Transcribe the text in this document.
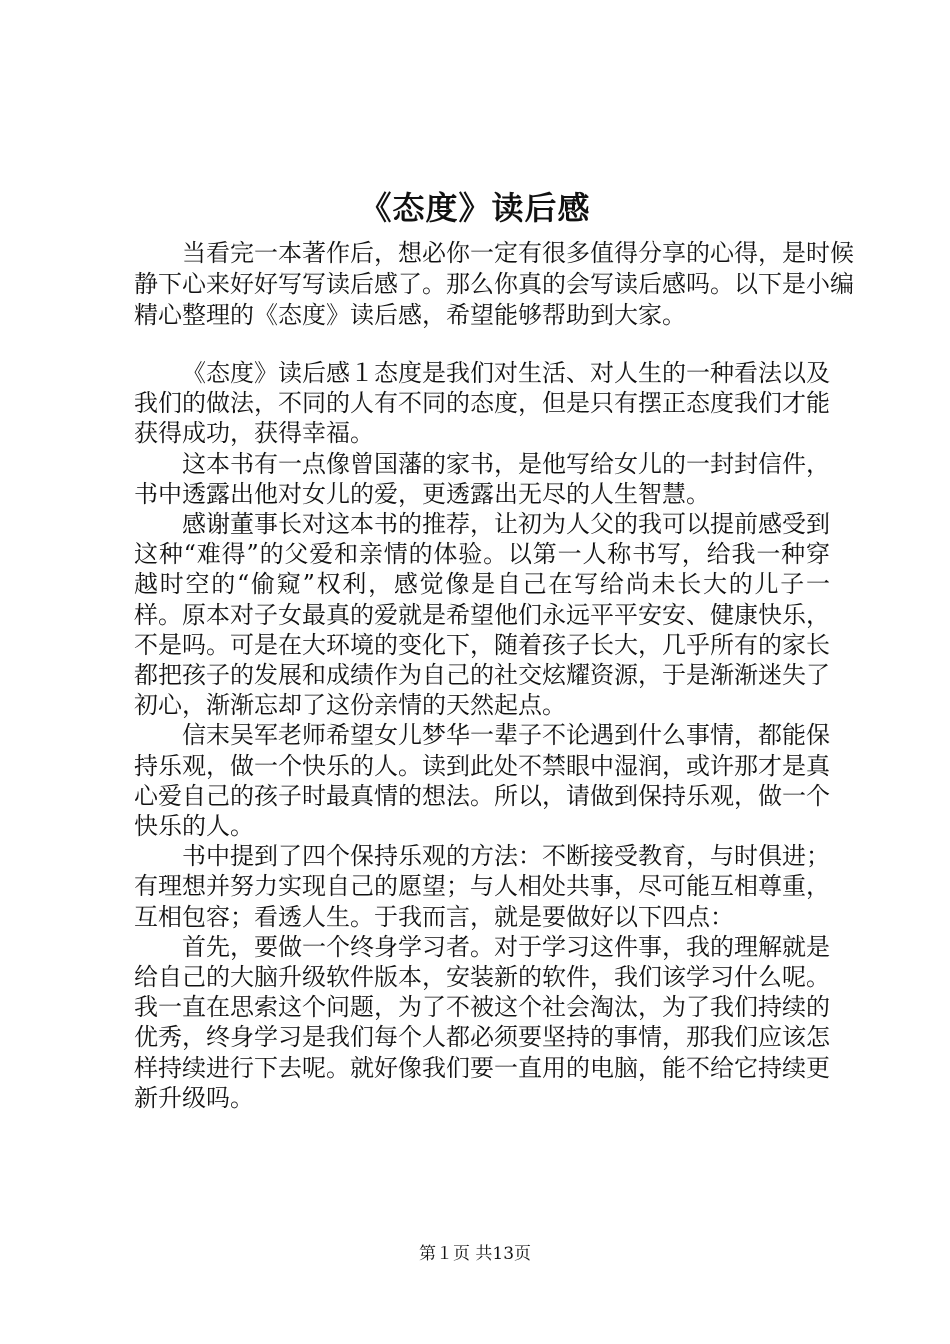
《态度》读后感

当看完一本著作后，想必你一定有很多值得分享的心得，是时候静下心来好好写写读后感了。那么你真的会写读后感吗。以下是小编精心整理的《态度》读后感，希望能够帮助到大家。

《态度》读后感１态度是我们对生活、对人生的一种看法以及我们的做法，不同的人有不同的态度，但是只有摆正态度我们才能获得成功，获得幸福。

这本书有一点像曾国藩的家书，是他写给女儿的一封封信件，书中透露出他对女儿的爱，更透露出无尽的人生智慧。

感谢董事长对这本书的推荐，让初为人父的我可以提前感受到这种“难得”的父爱和亲情的体验。以第一人称书写，给我一种穿越时空的“偷窥”权利，感觉像是自己在写给尚未长大的儿子一样。原本对子女最真的爱就是希望他们永远平平安安、健康快乐，不是吗。可是在大环境的变化下，随着孩子长大，几乎所有的家长都把孩子的发展和成绩作为自己的社交炫耀资源，于是渐渐迷失了初心，渐渐忘却了这份亲情的天然起点。

信末吴军老师希望女儿梦华一辈子不论遇到什么事情，都能保持乐观，做一个快乐的人。读到此处不禁眼中湿润，或许那才是真心爱自己的孩子时最真情的想法。所以，请做到保持乐观，做一个快乐的人。

书中提到了四个保持乐观的方法：不断接受教育，与时俱进；有理想并努力实现自己的愿望；与人相处共事，尽可能互相尊重，互相包容；看透人生。于我而言，就是要做好以下四点：

首先，要做一个终身学习者。对于学习这件事，我的理解就是给自己的大脑升级软件版本，安装新的软件，我们该学习什么呢。我一直在思索这个问题，为了不被这个社会淘汰，为了我们持续的优秀，终身学习是我们每个人都必须要坚持的事情，那我们应该怎样持续进行下去呢。就好像我们要一直用的电脑，能不给它持续更新升级吗。

第１页 共13页
